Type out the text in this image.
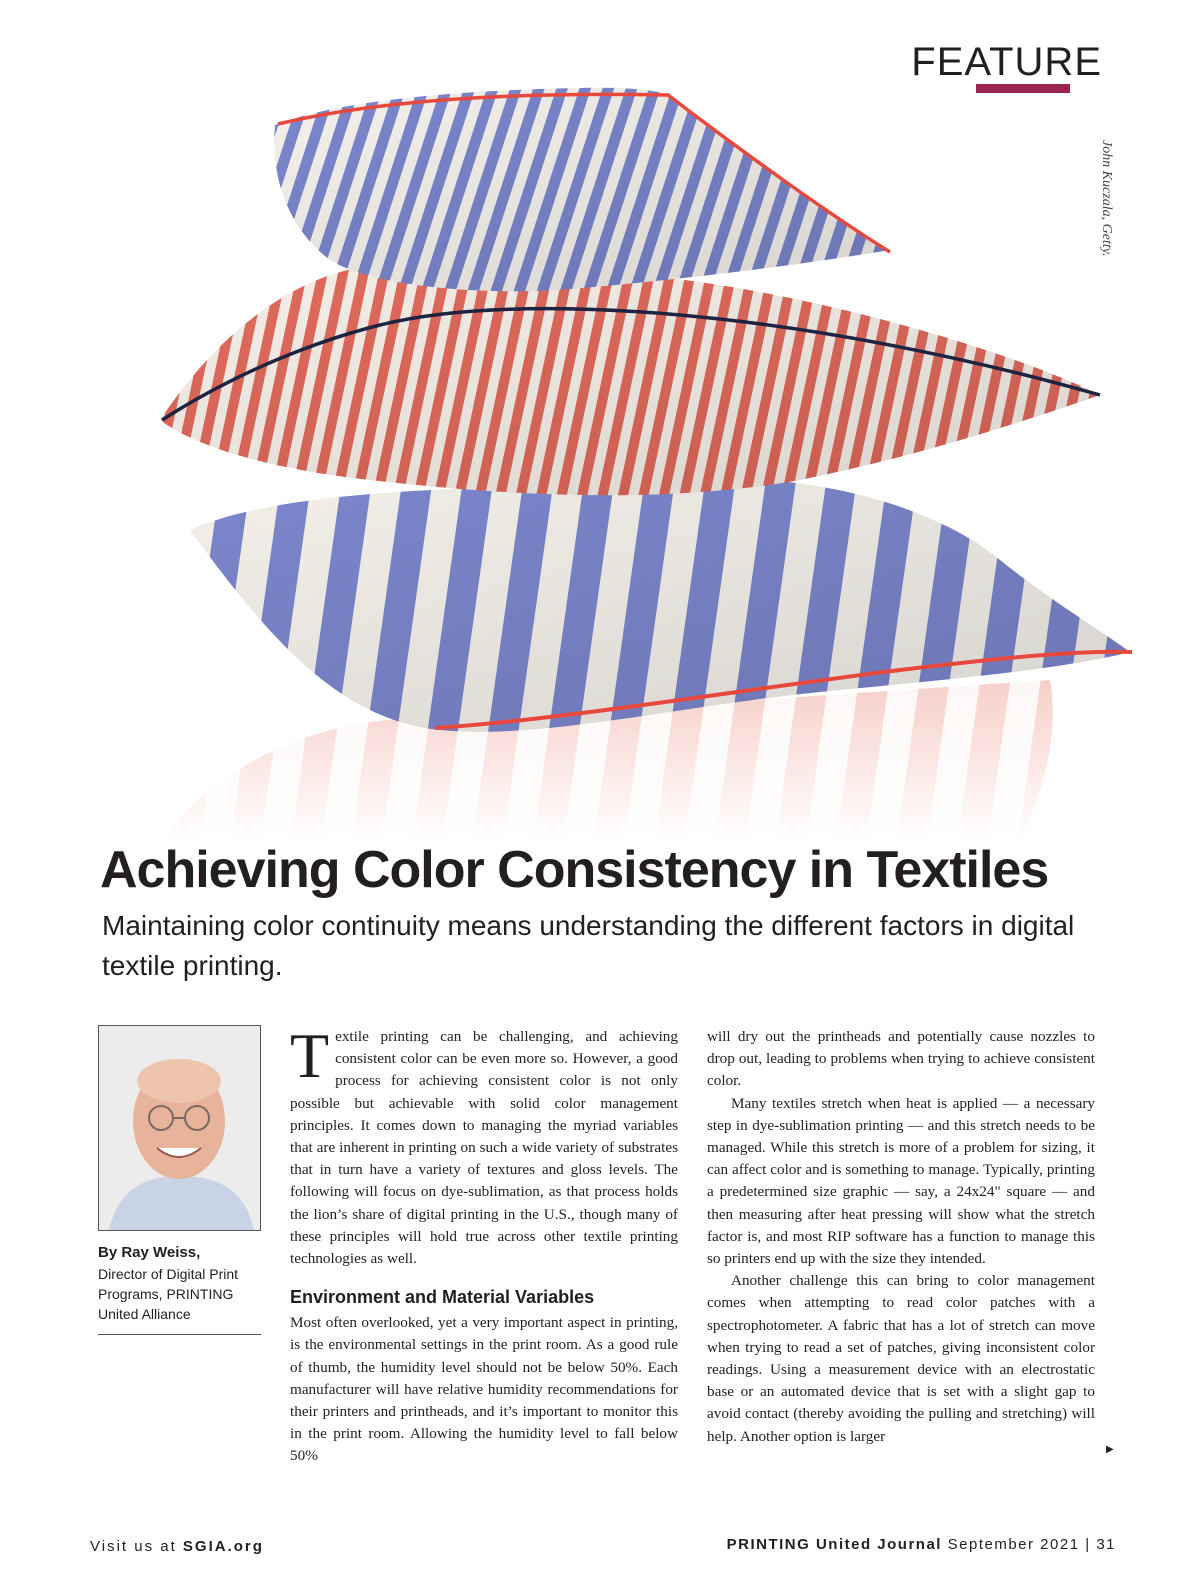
FEATURE
John Kuczala, Getty.
Achieving Color Consistency in Textiles

Maintaining color continuity means understanding the different factors in digital textile printing.

By Ray Weiss,
Director of Digital Print Programs, PRINTING United Alliance

Textile printing can be challenging, and achieving consistent color can be even more so. However, a good process for achieving consistent color is not only possible but achievable with solid color management principles. It comes down to managing the myriad variables that are inherent in printing on such a wide variety of substrates that in turn have a variety of textures and gloss levels. The following will focus on dye-sublimation, as that process holds the lion’s share of digital printing in the U.S., though many of these principles will hold true across other textile printing technologies as well.

Environment and Material Variables

Most often overlooked, yet a very important aspect in printing, is the environmental settings in the print room. As a good rule of thumb, the humidity level should not be below 50%. Each manufacturer will have relative humidity recommendations for their printers and printheads, and it’s important to monitor this in the print room. Allowing the humidity level to fall below 50%

will dry out the printheads and potentially cause nozzles to drop out, leading to problems when trying to achieve consistent color.

Many textiles stretch when heat is applied — a necessary step in dye-sublimation printing — and this stretch needs to be managed. While this stretch is more of a problem for sizing, it can affect color and is something to manage. Typically, printing a predetermined size graphic — say, a 24x24" square — and then measuring after heat pressing will show what the stretch factor is, and most RIP software has a function to manage this so printers end up with the size they intended.

Another challenge this can bring to color management comes when attempting to read color patches with a spectrophotometer. A fabric that has a lot of stretch can move when trying to read a set of patches, giving inconsistent color readings. Using a measurement device with an electrostatic base or an automated device that is set with a slight gap to avoid contact (thereby avoiding the pulling and stretching) will help. Another option is larger

▶
Visit us at SGIA.org	PRINTING United Journal September 2021 | 31
